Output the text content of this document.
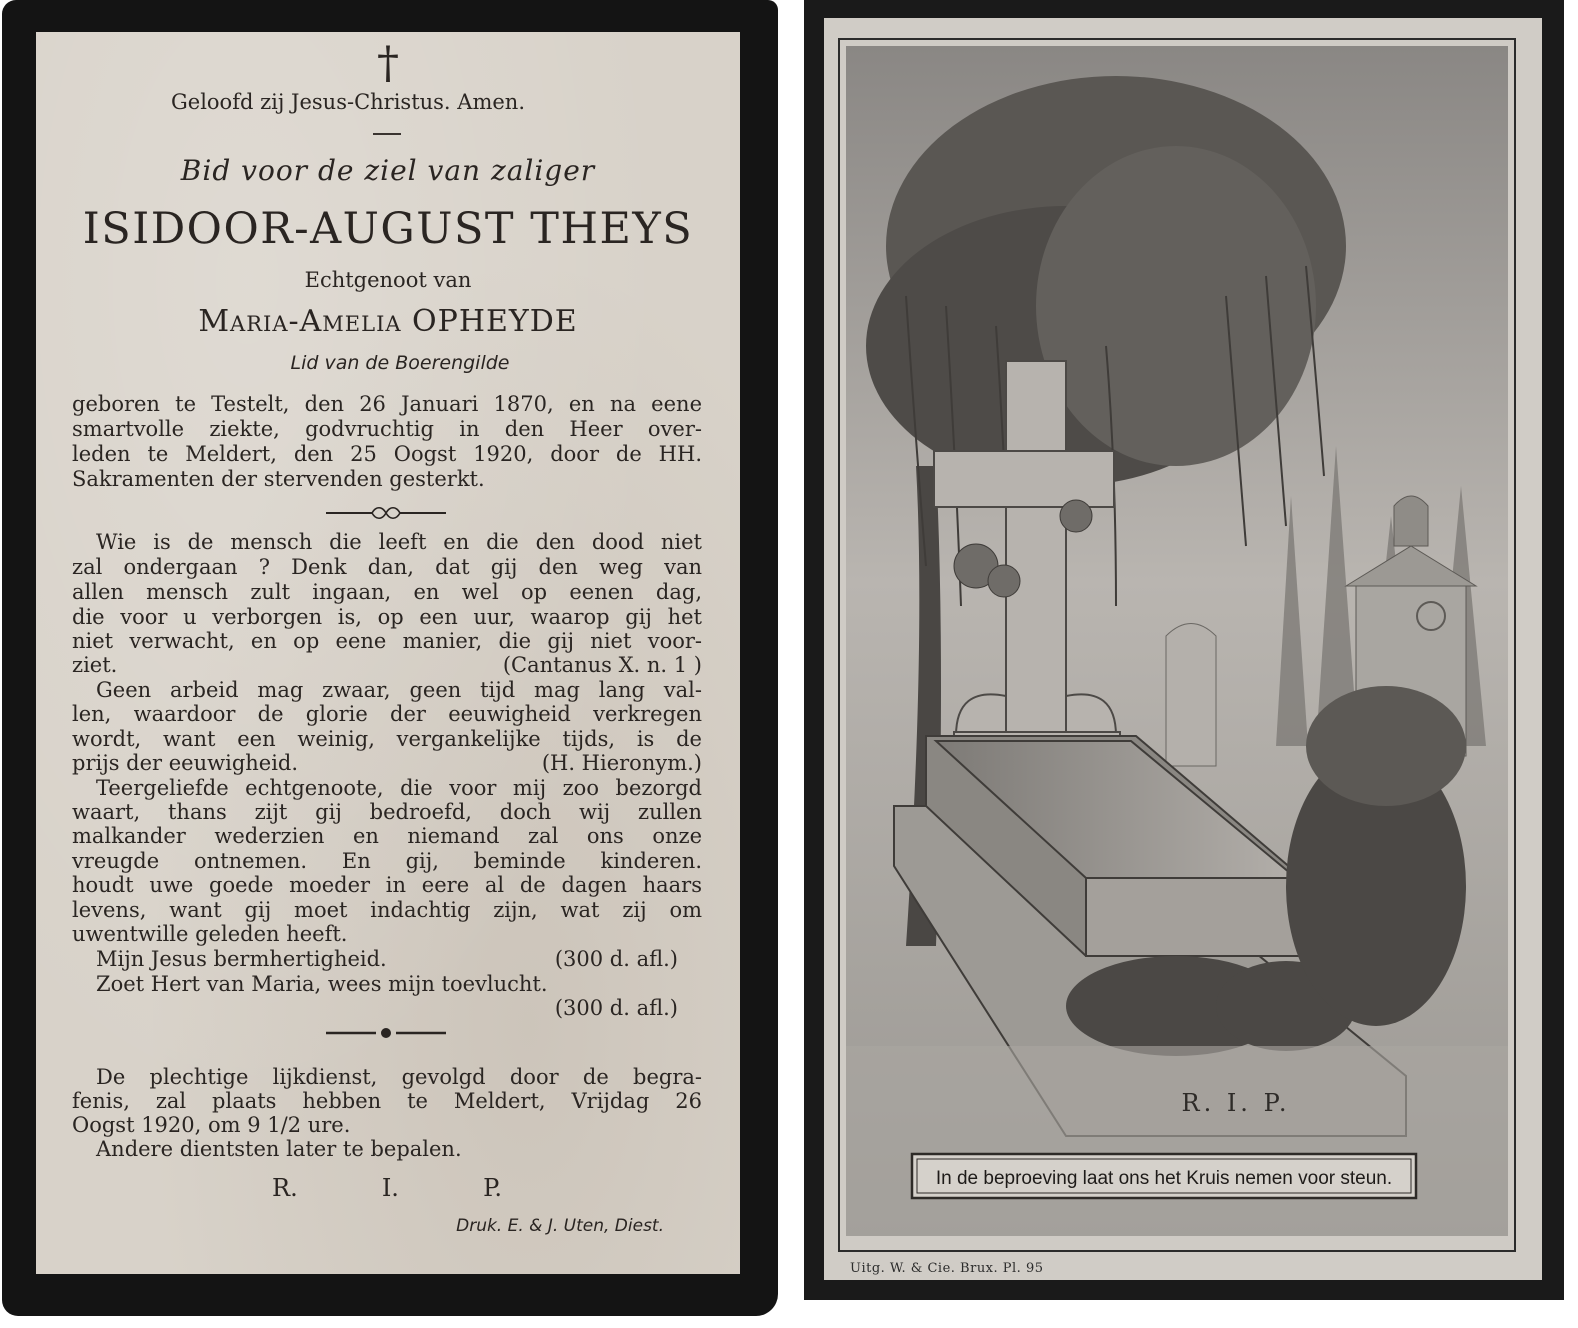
†
Geloofd zij Jesus-Christus. Amen.
Bid voor de ziel van zaliger
ISIDOOR-AUGUST THEYS
Echtgenoot van
Maria-Amelia OPHEYDE
Lid van de Boerengilde
geboren te Testelt, den 26 Januari 1870, en na eene
smartvolle ziekte, godvruchtig in den Heer over-
leden te Meldert, den 25 Oogst 1920, door de HH.
Sakramenten der stervenden gesterkt.
Wie is de mensch die leeft en die den dood niet
zal ondergaan ? Denk dan, dat gij den weg van
allen mensch zult ingaan, en wel op eenen dag,
die voor u verborgen is, op een uur, waarop gij het
niet verwacht, en op eene manier, die gij niet voor-
ziet.	(Cantanus X. n. 1 )
Geen arbeid mag zwaar, geen tijd mag lang val-
len, waardoor de glorie der eeuwigheid verkregen
wordt, want een weinig, vergankelijke tijds, is de
prijs der eeuwigheid.	(H. Hieronym.)
Teergeliefde echtgenoote, die voor mij zoo bezorgd
waart, thans zijt gij bedroefd, doch wij zullen
malkander wederzien en niemand zal ons onze
vreugde ontnemen. En gij, beminde kinderen.
houdt uwe goede moeder in eere al de dagen haars
levens, want gij moet indachtig zijn, wat zij om
uwentwille geleden heeft.
Mijn Jesus bermhertigheid.	(300 d. afl.)
Zoet Hert van Maria, wees mijn toevlucht.
(300 d. afl.)
De plechtige lijkdienst, gevolgd door de begra-
fenis, zal plaats hebben te Meldert, Vrijdag 26
Oogst 1920, om 9 1/2 ure.
Andere dientsten later te bepalen.
R.	I.	P.
Druk. E. & J. Uten, Diest.
R. I. P.
In de beproeving laat ons het Kruis nemen voor steun.
Uitg. W. & Cie. Brux. Pl. 95
